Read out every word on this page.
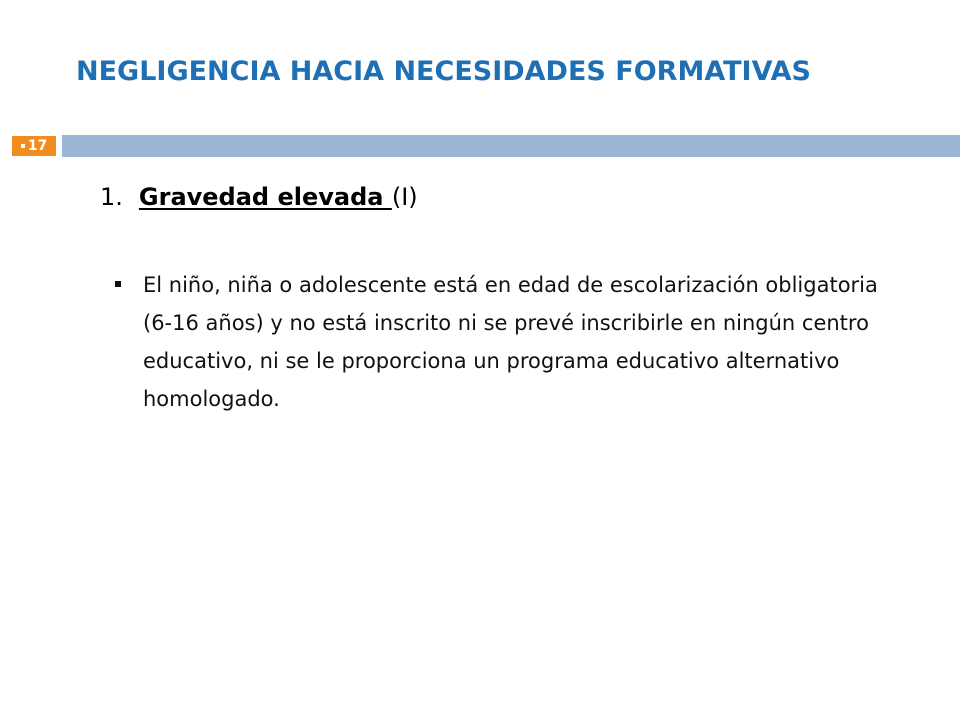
NEGLIGENCIA HACIA NECESIDADES FORMATIVAS
17
1. Gravedad elevada (I)
El niño, niña o adolescente está en edad de escolarización obligatoria (6-16 años) y no está inscrito ni se prevé inscribirle en ningún centro educativo, ni se le proporciona un programa educativo alternativo homologado.
